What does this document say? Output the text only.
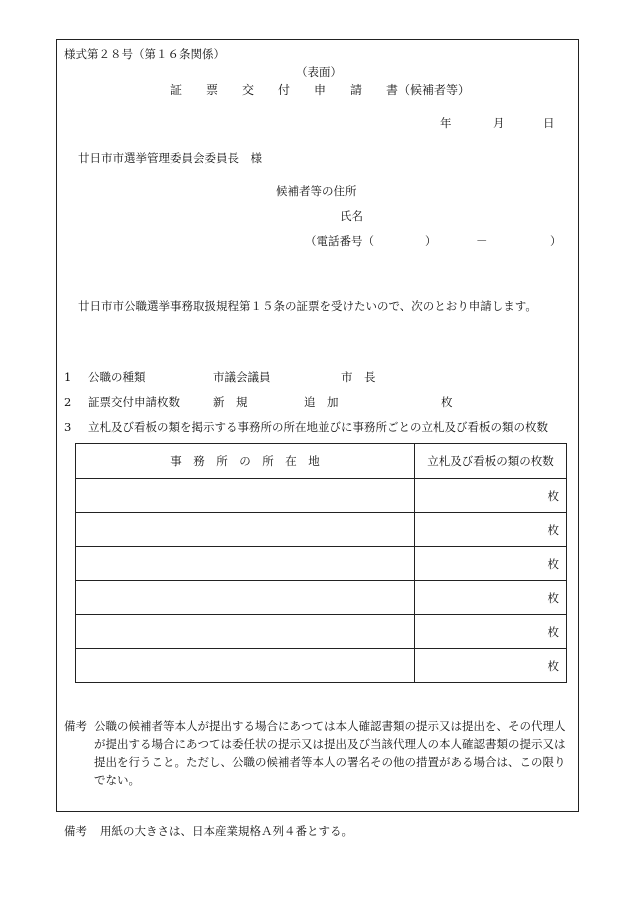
様式第２８号（第１６条関係）
（表面）
証　　票　　交　　付　　申　　請　　書（候補者等）
年	月	日
廿日市市選挙管理委員会委員長　様
候補者等の住所
氏名
（電話番号（	）	－	）
廿日市市公職選挙事務取扱規程第１５条の証票を受けたいので、次のとおり申請します。
1 公職の種類	市議会議員	市　長
2 証票交付申請枚数	新　規	追　加	枚
3 立札及び看板の類を掲示する事務所の所在地並びに事務所ごとの立札及び看板の類の枚数
事　務　所　の　所　在　地	立札及び看板の類の枚数
	枚
	枚
	枚
	枚
	枚
	枚
備考 公職の候補者等本人が提出する場合にあつては本人確認書類の提示又は提出を、その代理人が提出する場合にあつては委任状の提示又は提出及び当該代理人の本人確認書類の提示又は提出を行うこと。ただし、公職の候補者等本人の署名その他の措置がある場合は、この限りでない。
備考 用紙の大きさは、日本産業規格Ａ列４番とする。
